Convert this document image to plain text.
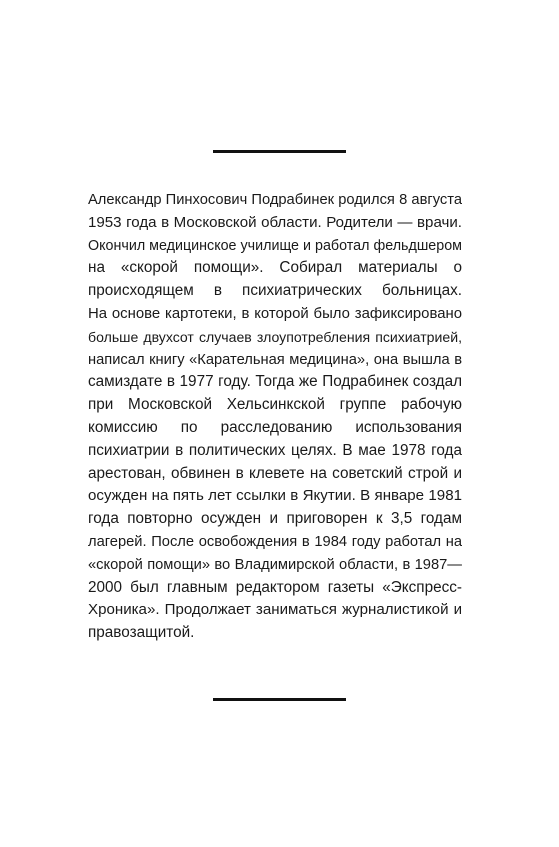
Александр Пинхосович Подрабинек родился 8 августа
1953 года в Московской области. Родители — врачи.
Окончил медицинское училище и работал фельдшером
на «скорой помощи». Собирал материалы о
происходящем в психиатрических больницах.
На основе картотеки, в которой было зафиксировано
больше двухсот случаев злоупотребления психиатрией,
написал книгу «Карательная медицина», она вышла в
самиздате в 1977 году. Тогда же Подрабинек создал
при Московской Хельсинкской группе рабочую
комиссию по расследованию использования
психиатрии в политических целях. В мае 1978 года
арестован, обвинен в клевете на советский строй и
осужден на пять лет ссылки в Якутии. В январе 1981
года повторно осужден и приговорен к 3,5 годам
лагерей. После освобождения в 1984 году работал на
«скорой помощи» во Владимирской области, в 1987—
2000 был главным редактором газеты «Экспресс-
Хроника». Продолжает заниматься журналистикой и
правозащитой.
